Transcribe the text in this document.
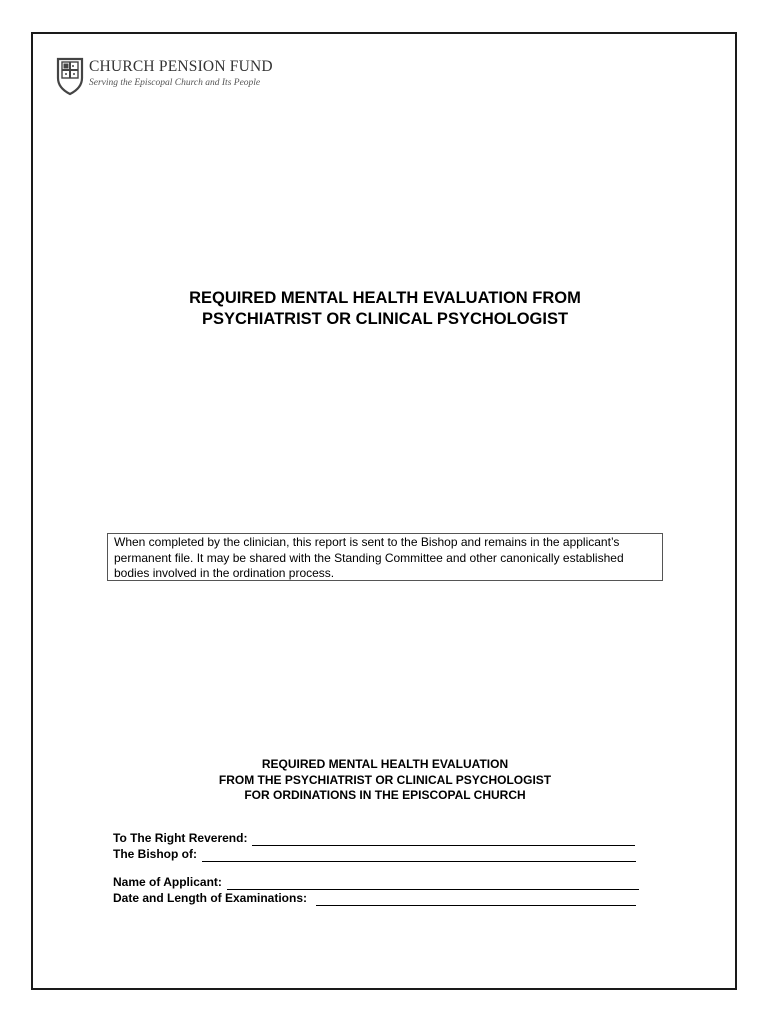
CHURCH PENSION FUND
Serving the Episcopal Church and Its People
REQUIRED MENTAL HEALTH EVALUATION FROM
PSYCHIATRIST OR CLINICAL PSYCHOLOGIST
When completed by the clinician, this report is sent to the Bishop and remains in the applicant’s
permanent file. It may be shared with the Standing Committee and other canonically established
bodies involved in the ordination process.
REQUIRED MENTAL HEALTH EVALUATION
FROM THE PSYCHIATRIST OR CLINICAL PSYCHOLOGIST
FOR ORDINATIONS IN THE EPISCOPAL CHURCH
To The Right Reverend:
The Bishop of:
Name of Applicant:
Date and Length of Examinations:
